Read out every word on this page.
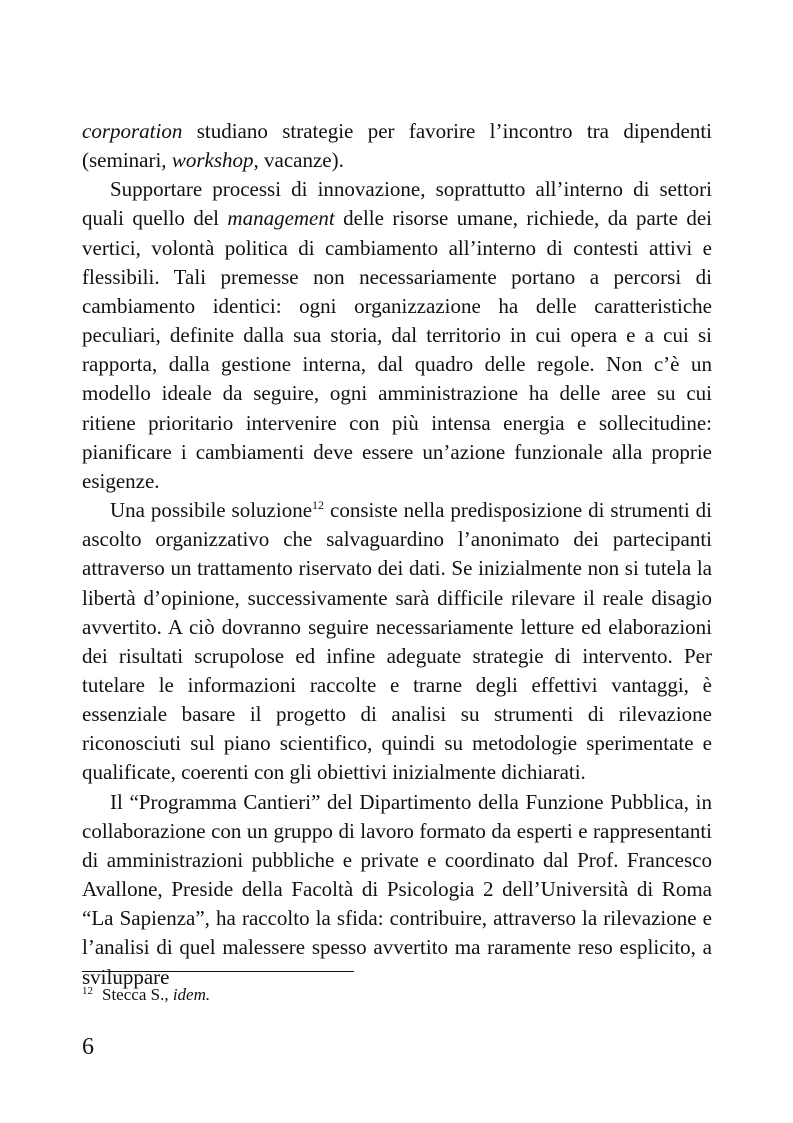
corporation studiano strategie per favorire l’incontro tra dipendenti (seminari, workshop, vacanze).

Supportare processi di innovazione, soprattutto all’interno di settori quali quello del management delle risorse umane, richiede, da parte dei vertici, volontà politica di cambiamento all’interno di contesti attivi e flessibili. Tali premesse non necessariamente portano a percorsi di cambiamento identici: ogni organizzazione ha delle caratteristiche peculiari, definite dalla sua storia, dal territorio in cui opera e a cui si rapporta, dalla gestione interna, dal quadro delle regole. Non c’è un modello ideale da seguire, ogni amministrazione ha delle aree su cui ritiene prioritario intervenire con più intensa energia e sollecitudine: pianificare i cambiamenti deve essere un’azione funzionale alla proprie esigenze.

Una possibile soluzione$^{12}$ consiste nella predisposizione di strumenti di ascolto organizzativo che salvaguardino l’anonimato dei partecipanti attraverso un trattamento riservato dei dati. Se inizialmente non si tutela la libertà d’opinione, successivamente sarà difficile rilevare il reale disagio avvertito. A ciò dovranno seguire necessariamente letture ed elaborazioni dei risultati scrupolose ed infine adeguate strategie di intervento. Per tutelare le informazioni raccolte e trarne degli effettivi vantaggi, è essenziale basare il progetto di analisi su strumenti di rilevazione riconosciuti sul piano scientifico, quindi su metodologie sperimentate e qualificate, coerenti con gli obiettivi inizialmente dichiarati.

Il “Programma Cantieri” del Dipartimento della Funzione Pubblica, in collaborazione con un gruppo di lavoro formato da esperti e rappresentanti di amministrazioni pubbliche e private e coordinato dal Prof. Francesco Avallone, Preside della Facoltà di Psicologia 2 dell’Università di Roma “La Sapienza”, ha raccolto la sfida: contribuire, attraverso la rilevazione e l’analisi di quel malessere spesso avvertito ma raramente reso esplicito, a sviluppare

$^{12}$ Stecca S., idem.
6
